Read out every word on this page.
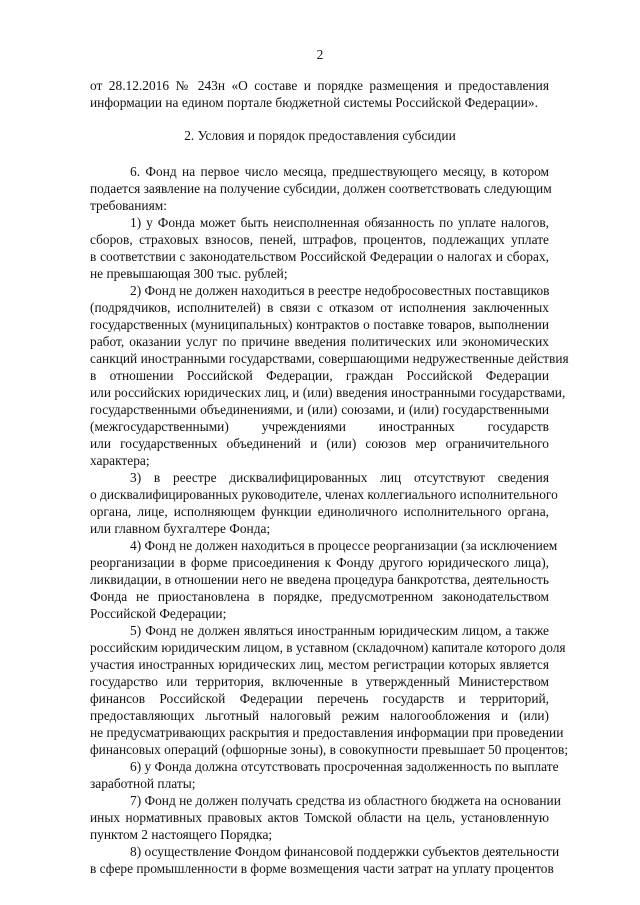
2
от 28.12.2016 № 243н «О составе и порядке размещения и предоставления
информации на едином портале бюджетной системы Российской Федерации».
2. Условия и порядок предоставления субсидии
6. Фонд на первое число месяца, предшествующего месяцу, в котором
подается заявление на получение субсидии, должен соответствовать следующим
требованиям:
1) у Фонда может быть неисполненная обязанность по уплате налогов,
сборов, страховых взносов, пеней, штрафов, процентов, подлежащих уплате
в соответствии с законодательством Российской Федерации о налогах и сборах,
не превышающая 300 тыс. рублей;
2) Фонд не должен находиться в реестре недобросовестных поставщиков
(подрядчиков, исполнителей) в связи с отказом от исполнения заключенных
государственных (муниципальных) контрактов о поставке товаров, выполнении
работ, оказании услуг по причине введения политических или экономических
санкций иностранными государствами, совершающими недружественные действия
в отношении Российской Федерации, граждан Российской Федерации
или российских юридических лиц, и (или) введения иностранными государствами,
государственными объединениями, и (или) союзами, и (или) государственными
(межгосударственными) учреждениями иностранных государств
или государственных объединений и (или) союзов мер ограничительного
характера;
3) в реестре дисквалифицированных лиц отсутствуют сведения
о дисквалифицированных руководителе, членах коллегиального исполнительного
органа, лице, исполняющем функции единоличного исполнительного органа,
или главном бухгалтере Фонда;
4) Фонд не должен находиться в процессе реорганизации (за исключением
реорганизации в форме присоединения к Фонду другого юридического лица),
ликвидации, в отношении него не введена процедура банкротства, деятельность
Фонда не приостановлена в порядке, предусмотренном законодательством
Российской Федерации;
5) Фонд не должен являться иностранным юридическим лицом, а также
российским юридическим лицом, в уставном (складочном) капитале которого доля
участия иностранных юридических лиц, местом регистрации которых является
государство или территория, включенные в утвержденный Министерством
финансов Российской Федерации перечень государств и территорий,
предоставляющих льготный налоговый режим налогообложения и (или)
не предусматривающих раскрытия и предоставления информации при проведении
финансовых операций (офшорные зоны), в совокупности превышает 50 процентов;
6) у Фонда должна отсутствовать просроченная задолженность по выплате
заработной платы;
7) Фонд не должен получать средства из областного бюджета на основании
иных нормативных правовых актов Томской области на цель, установленную
пунктом 2 настоящего Порядка;
8) осуществление Фондом финансовой поддержки субъектов деятельности
в сфере промышленности в форме возмещения части затрат на уплату процентов
